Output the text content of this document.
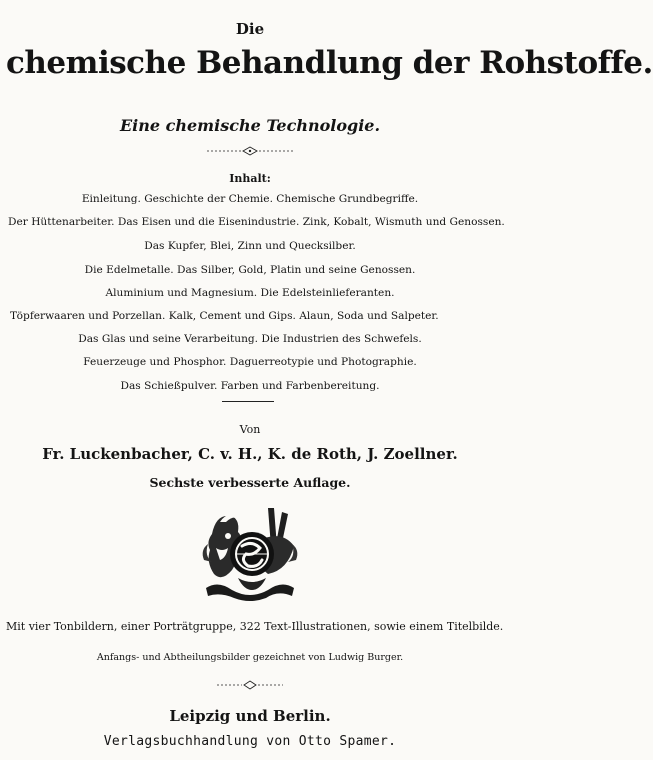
Die
chemische Behandlung der Rohstoffe.
Eine chemische Technologie.
Inhalt:
Einleitung. Geschichte der Chemie. Chemische Grundbegriffe.
Der Hüttenarbeiter. Das Eisen und die Eisenindustrie. Zink, Kobalt, Wismuth und Genossen.
Das Kupfer, Blei, Zinn und Quecksilber.
Die Edelmetalle. Das Silber, Gold, Platin und seine Genossen.
Aluminium und Magnesium. Die Edelsteinlieferanten.
Töpferwaaren und Porzellan. Kalk, Cement und Gips. Alaun, Soda und Salpeter.
Das Glas und seine Verarbeitung. Die Industrien des Schwefels.
Feuerzeuge und Phosphor. Daguerreotypie und Photographie.
Das Schießpulver. Farben und Farbenbereitung.
Von
Fr. Luckenbacher, C. v. H., K. de Roth, J. Zoellner.
Sechste verbesserte Auflage.
Mit vier Tonbildern, einer Porträtgruppe, 322 Text-Illustrationen, sowie einem Titelbilde.
Anfangs- und Abtheilungsbilder gezeichnet von Ludwig Burger.
Leipzig und Berlin.
Verlagsbuchhandlung von Otto Spamer.
